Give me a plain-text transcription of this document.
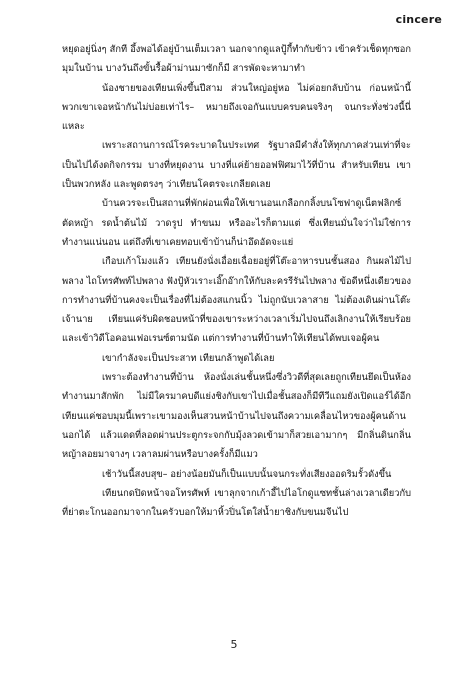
cincere

หยุดอยู่นิ่งๆ สักที อึ้งพอได้อยู่บ้านเต็มเวลา นอกจากดูแลปู้กี้ทำกับข้าว เข้าครัวเช็ดทุกซอกมุมในบ้าน บางวันถึงขั้นรื้อผ้าม่านมาซักก็มี สารพัดจะหามาทำ

น้องชายของเทียนเพิ่งขึ้นปีสาม ส่วนใหญ่อยู่หอ ไม่ค่อยกลับบ้าน ก่อนหน้านี้พวกเขาเจอหน้ากันไม่บ่อยเท่าไร– หมายถึงเจอกันแบบครบคนจริงๆ จนกระทั่งช่วงนี้นี่แหละ

เพราะสถานการณ์โรคระบาดในประเทศ รัฐบาลมีคำสั่งให้ทุกภาคส่วนเท่าที่จะเป็นไปได้งดกิจกรรม บางที่หยุดงาน บางที่แค่ย้ายออฟฟิศมาไว้ที่บ้าน สำหรับเทียน เขาเป็นพวกหลัง และพูดตรงๆ ว่าเทียนโคตรจะเกลียดเลย

บ้านควรจะเป็นสถานที่พักผ่อนเพื่อให้เขานอนเกลือกกลิ้งบนโซฟาดูเน็ตฟลิกซ์ ตัดหญ้า รดน้ำต้นไม้ วาดรูป ทำขนม หรืออะไรก็ตามแต่ ซึ่งเทียนมั่นใจว่าไม่ใช่การทำงานแน่นอน แต่ถึงที่เขาเคยทอบเข้าบ้านก็น่าอึดอัดจะแย่

เกือบเก้าโมงแล้ว เทียนยังนั่งเอื่อยเฉื่อยอยู่ที่โต๊ะอาหารบนชั้นสอง กินผลไม้ไปพลาง ไถโทรศัพท์ไปพลาง ฟังปู้หัวเราะเอิ๊กอ๊ากให้กับละครรีรันไปพลาง ข้อดีหนึ่งเดียวของการทำงานที่บ้านคงจะเป็นเรื่องที่ไม่ต้องสแกนนิ้ว ไม่ถูกนับเวลาสาย ไม่ต้องเดินผ่านโต๊ะเจ้านาย เทียนแค่รับผิดชอบหน้าที่ของเขาระหว่างเวลาเริ่มไปจนถึงเลิกงานให้เรียบร้อย และเข้าวิดีโอคอนเฟอเรนซ์ตามนัด แต่การทำงานที่บ้านทำให้เทียนได้พบเจอผู้คน

เขากำลังจะเป็นประสาท เทียนกล้าพูดได้เลย

เพราะต้องทำงานที่บ้าน ห้องนั่งเล่นชั้นหนึ่งซึ่งวิวดีที่สุดเลยถูกเทียนยึดเป็นห้องทำงานมาสักพัก ไม่มีใครมาคบดีแย่งชิงกับเขาไปเมื่อชั้นสองก็มีทีวีแถมยังเปิดแอร์ได้อีก เทียนแค่ชอบมุมนี้เพราะเขามองเห็นสวนหน้าบ้านไปจนถึงความเคลื่อนไหวของผู้คนด้านนอกได้ แล้วแดดที่ลอดผ่านประตูกระจกกับมุ้งลวดเข้ามาก็สวยเอามากๆ มีกลิ่นดินกลิ่นหญ้าลอยมาจางๆ เวลาลมผ่านหรือบางครั้งก็มีแมว

เช้าวันนี้สงบสุข– อย่างน้อยมันก็เป็นแบบนั้นจนกระทั่งเสียงออดริมรั้วดังขึ้น

เทียนกดปิดหน้าจอโทรศัพท์ เขาลุกจากเก้าอี้ไปไอโกดูแซทชั้นล่างเวลาเดียวกับที่ย่าตะโกนออกมาจากในครัวบอกให้มาหิ้วปิ่นโตใส่น้ำยาชิงกับขนมจีนไป

5
